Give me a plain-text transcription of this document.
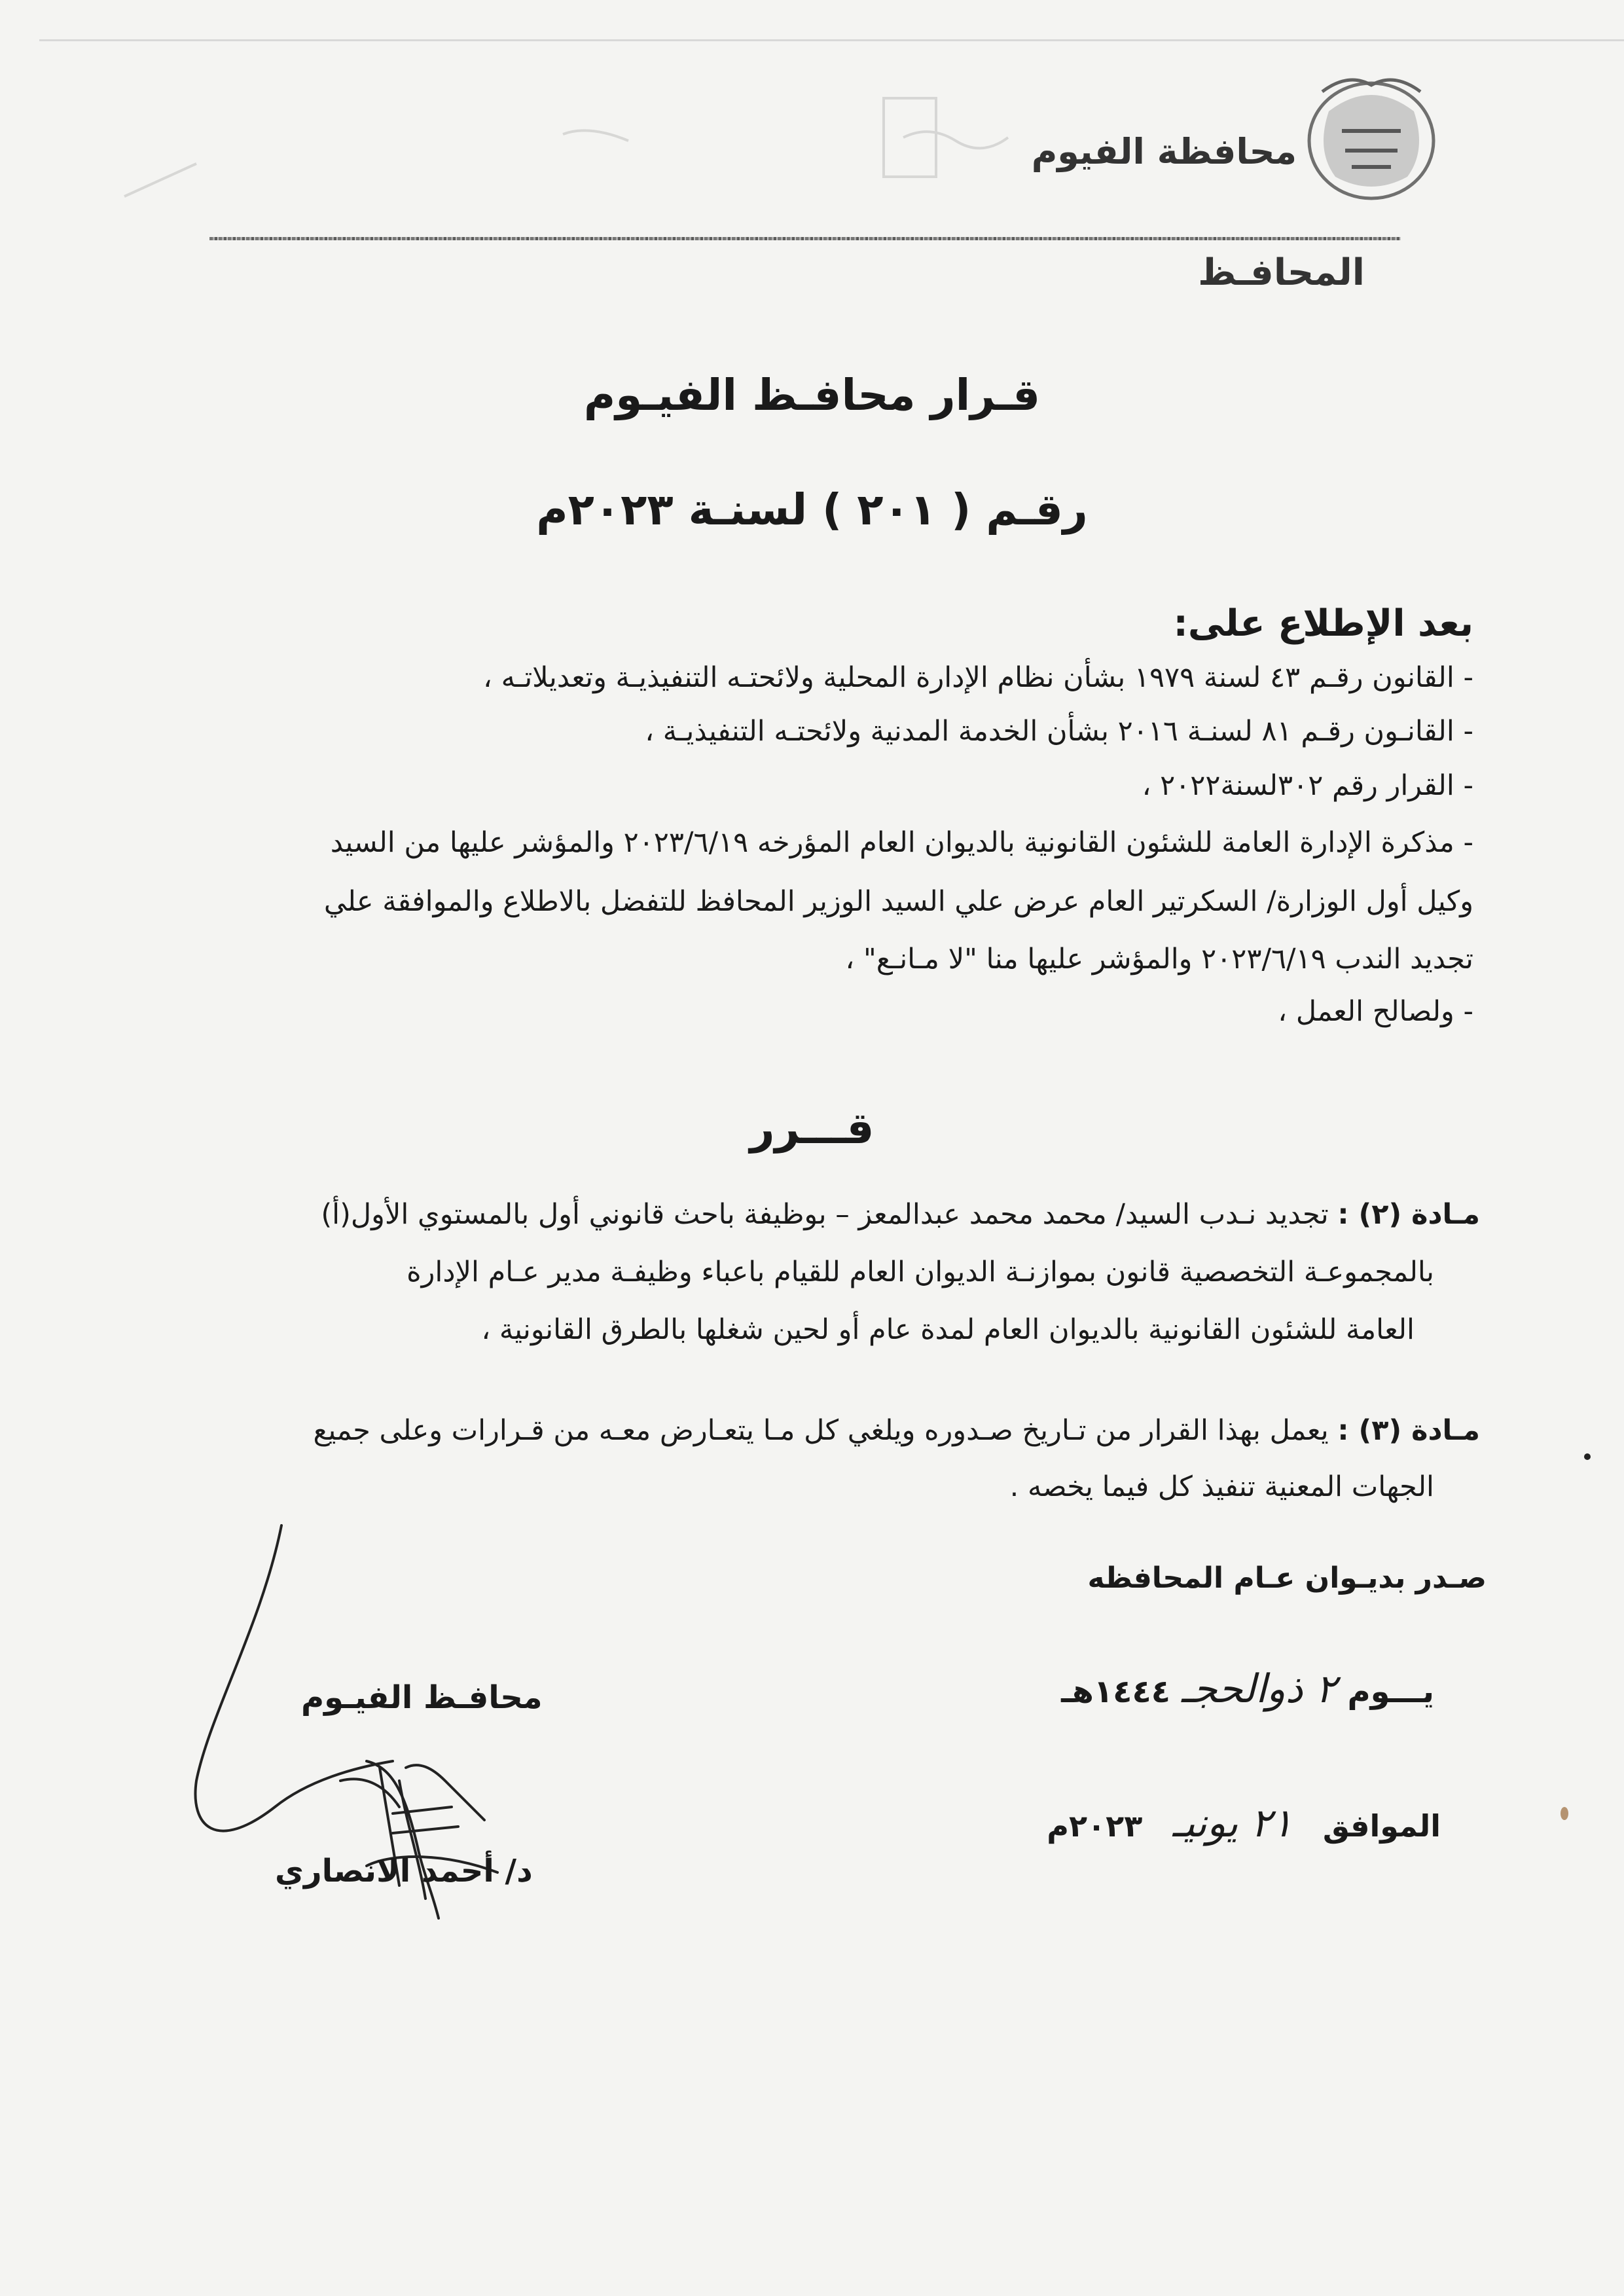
محافظة الفيوم
المحافـظ
قـرار محافـظ الفيـوم
رقـم ( ٢٠١ ) لسنـة ٢٠٢٣م
بعد الإطلاع على:
- القانون رقـم ٤٣ لسنة ١٩٧٩ بشأن نظام الإدارة المحلية ولائحتـه التنفيذيـة وتعديلاتـه ،
- القانـون رقـم ٨١ لسنـة ٢٠١٦ بشأن الخدمة المدنية ولائحتـه التنفيذيـة ،
- القرار رقم ٣٠٢لسنة٢٠٢٢ ،
- مذكرة الإدارة العامة للشئون القانونية بالديوان العام المؤرخه ٢٠٢٣/٦/١٩ والمؤشر عليها من السيد
وكيل أول الوزارة/ السكرتير العام عرض علي السيد الوزير المحافظ للتفضل بالاطلاع والموافقة علي
تجديد الندب ٢٠٢٣/٦/١٩ والمؤشر عليها منا "لا مـانـع" ،
- ولصالح العمل ،
قـــرر
مـادة (٢) : تجديد نـدب السيد/ محمد محمد عبدالمعز – بوظيفة باحث قانوني أول بالمستوي الأول(أ)
بالمجموعـة التخصصية قانون بموازنـة الديوان العام للقيام باعباء وظيفـة مدير عـام الإدارة
العامة للشئون القانونية بالديوان العام لمدة عام أو لحين شغلها بالطرق القانونية ،
مـادة (٣) : يعمل بهذا القرار من تـاريخ صـدوره ويلغي كل مـا يتعـارض معـه من قـرارات وعلى جميع
الجهات المعنية تنفيذ كل فيما يخصه .
صـدر بديـوان عـام المحافظه
يـــوم ٢ ذوالحجـ ١٤٤٤هـ
الموافق ٢١ يونيـ ٢٠٢٣م
محافـظ الفيـوم
د/ أحمد الانصاري
